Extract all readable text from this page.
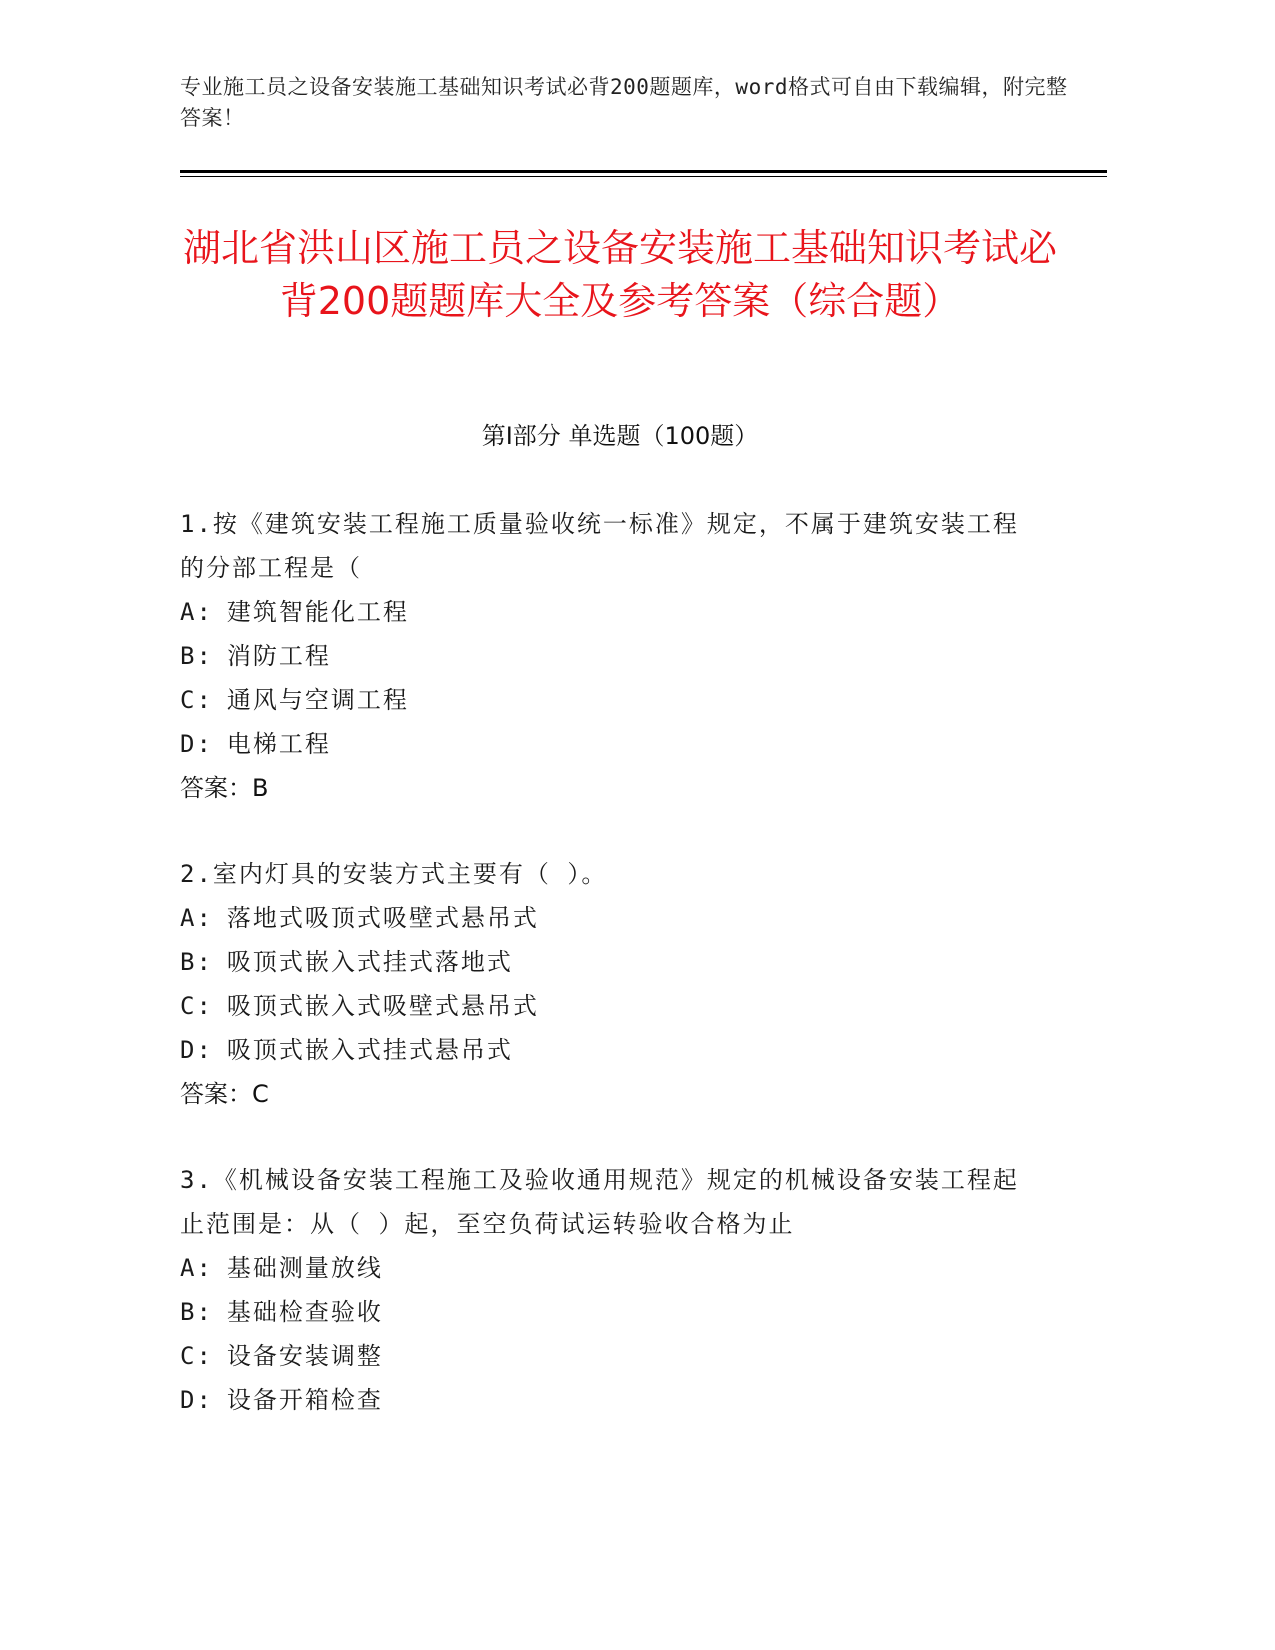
专业施工员之设备安装施工基础知识考试必背200题题库，word格式可自由下载编辑，附完整答案！
湖北省洪山区施工员之设备安装施工基础知识考试必背200题题库大全及参考答案（综合题）
第Ⅰ部分 单选题（100题）
1.按《建筑安装工程施工质量验收统一标准》规定，不属于建筑安装工程的分部工程是（
A: 建筑智能化工程
B: 消防工程
C: 通风与空调工程
D: 电梯工程
答案：B
2.室内灯具的安装方式主要有（ ）。
A: 落地式吸顶式吸壁式悬吊式
B: 吸顶式嵌入式挂式落地式
C: 吸顶式嵌入式吸壁式悬吊式
D: 吸顶式嵌入式挂式悬吊式
答案：C
3.《机械设备安装工程施工及验收通用规范》规定的机械设备安装工程起止范围是：从（ ）起，至空负荷试运转验收合格为止
A: 基础测量放线
B: 基础检查验收
C: 设备安装调整
D: 设备开箱检查
